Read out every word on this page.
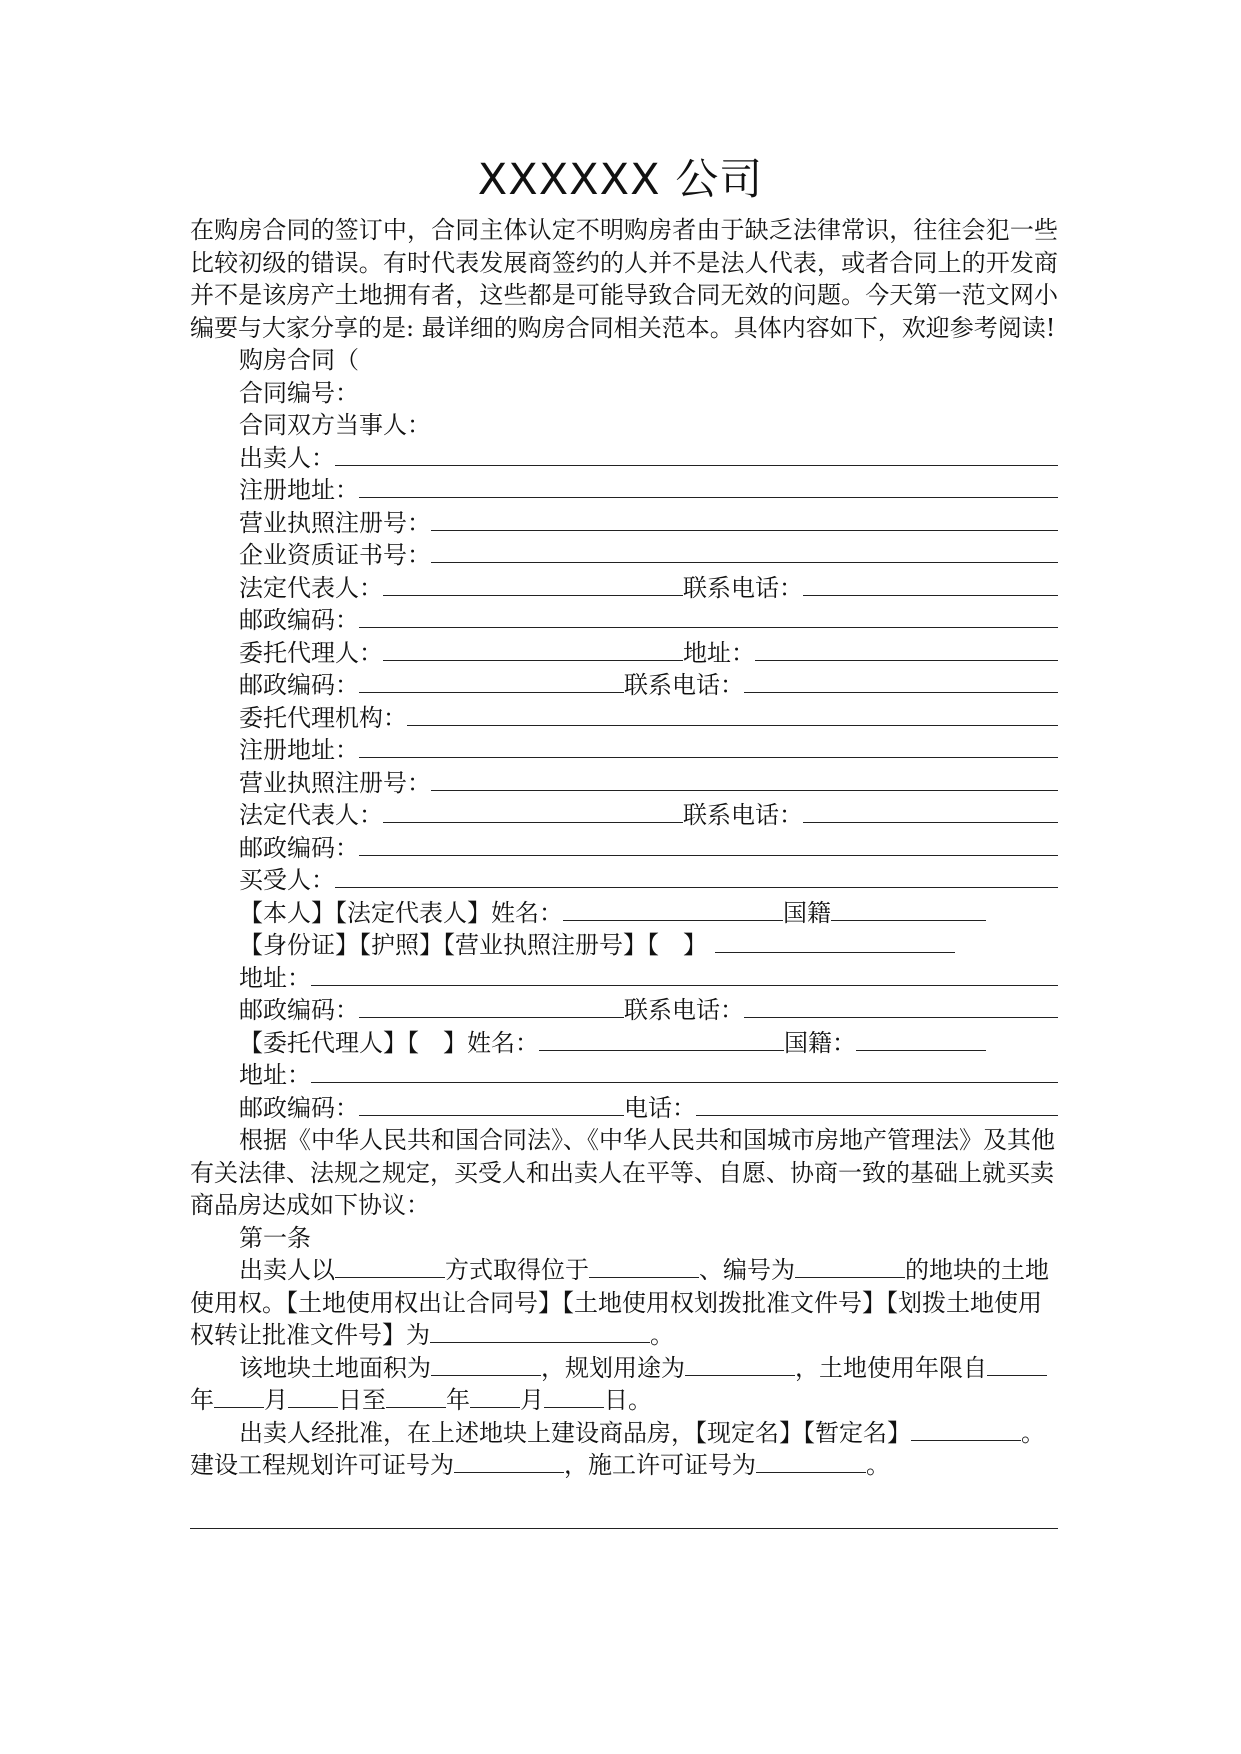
XXXXXX 公司
在购房合同的签订中，合同主体认定不明购房者由于缺乏法律常识，往往会犯一些比较初级的错误。有时代表发展商签约的人并不是法人代表，或者合同上的开发商并不是该房产土地拥有者，这些都是可能导致合同无效的问题。今天第一范文网小编要与大家分享的是: 最详细的购房合同相关范本。具体内容如下，欢迎参考阅读!
购房合同（
合同编号：
合同双方当事人：
出卖人：
注册地址：
营业执照注册号：
企业资质证书号：
法定代表人：	联系电话：
邮政编码：
委托代理人：	地址：
邮政编码：	联系电话：
委托代理机构：
注册地址：
营业执照注册号：
法定代表人：	联系电话：
邮政编码：
买受人：
【本人】【法定代表人】姓名：	国籍
【身份证】【护照】【营业执照注册号】【　】
地址：
邮政编码：	联系电话：
【委托代理人】【　】姓名：	国籍：
地址：
邮政编码：	电话：
根据《中华人民共和国合同法》、《中华人民共和国城市房地产管理法》及其他有关法律、法规之规定，买受人和出卖人在平等、自愿、协商一致的基础上就买卖商品房达成如下协议：
第一条
出卖人以	方式取得位于	、编号为	的地块的土地使用权。【土地使用权出让合同号】【土地使用权划拨批准文件号】【划拨土地使用权转让批准文件号】为	。
该地块土地面积为	，规划用途为	，土地使用年限自年 月 日至	年 月	日。
出卖人经批准，在上述地块上建设商品房，【现定名】【暂定名】	。建设工程规划许可证号为	，施工许可证号为	。
